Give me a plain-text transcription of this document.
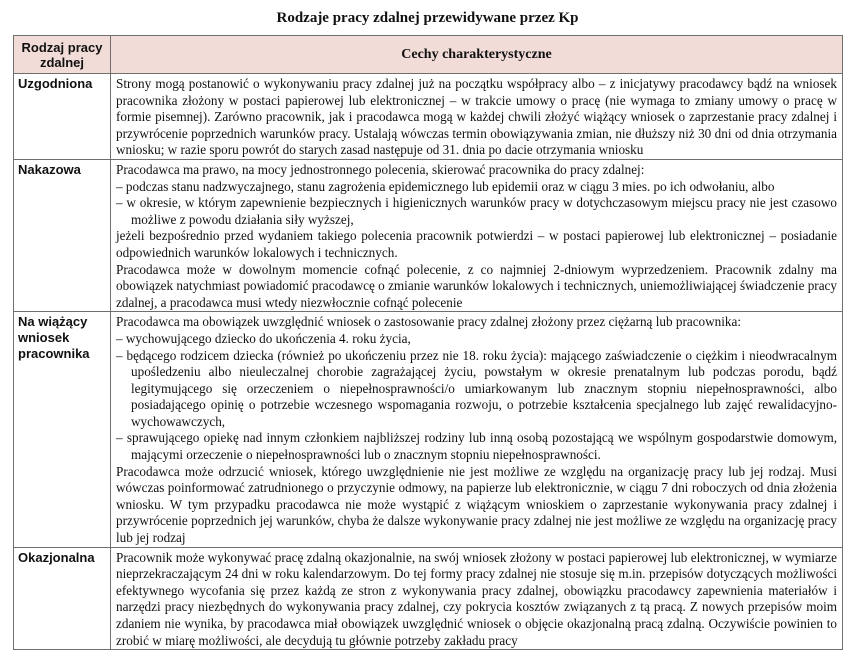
Rodzaje pracy zdalnej przewidywane przez Kp
Rodzaj pracy zdalnej	Cechy charakterystyczne
Uzgodniona	Strony mogą postanowić o wykonywaniu pracy zdalnej już na początku współpracy albo – z inicjatywy pracodawcy bądź na wniosek pracownika złożony w postaci papierowej lub elektronicznej – w trakcie umowy o pracę (nie wymaga to zmiany umowy o pracę w formie pisemnej). Zarówno pracownik, jak i pracodawca mogą w każdej chwili złożyć wiążący wniosek o zaprzestanie pracy zdalnej i przywrócenie poprzednich warunków pracy. Ustalają wówczas termin obowiązywania zmian, nie dłuższy niż 30 dni od dnia otrzymania wniosku; w razie sporu powrót do starych zasad następuje od 31. dnia po dacie otrzymania wniosku

Nakazowa	Pracodawca ma prawo, na mocy jednostronnego polecenia, skierować pracownika do pracy zdalnej:
– podczas stanu nadzwyczajnego, stanu zagrożenia epidemicznego lub epidemii oraz w ciągu 3 mies. po ich odwołaniu, albo
– w okresie, w którym zapewnienie bezpiecznych i higienicznych warunków pracy w dotychczasowym miejscu pracy nie jest czasowo możliwe z powodu działania siły wyższej,
jeżeli bezpośrednio przed wydaniem takiego polecenia pracownik potwierdzi – w postaci papierowej lub elektronicznej – posiadanie odpowiednich warunków lokalowych i technicznych.
Pracodawca może w dowolnym momencie cofnąć polecenie, z co najmniej 2-dniowym wyprzedzeniem. Pracownik zdalny ma obowiązek natychmiast powiadomić pracodawcę o zmianie warunków lokalowych i technicznych, uniemożliwiającej świadczenie pracy zdalnej, a pracodawca musi wtedy niezwłocznie cofnąć polecenie

Na wiążący wniosek pracownika	Pracodawca ma obowiązek uwzględnić wniosek o zastosowanie pracy zdalnej złożony przez ciężarną lub pracownika:
– wychowującego dziecko do ukończenia 4. roku życia,
– będącego rodzicem dziecka (również po ukończeniu przez nie 18. roku życia): mającego zaświadczenie o ciężkim i nieodwracalnym upośledzeniu albo nieuleczalnej chorobie zagrażającej życiu, powstałym w okresie prenatalnym lub podczas porodu, bądź legitymującego się orzeczeniem o niepełnosprawności/o umiarkowanym lub znacznym stopniu niepełnosprawności, albo posiadającego opinię o potrzebie wczesnego wspomagania rozwoju, o potrzebie kształcenia specjalnego lub zajęć rewalidacyjno-wychowawczych,
– sprawującego opiekę nad innym członkiem najbliższej rodziny lub inną osobą pozostającą we wspólnym gospodarstwie domowym, mającymi orzeczenie o niepełnosprawności lub o znacznym stopniu niepełnosprawności.
Pracodawca może odrzucić wniosek, którego uwzględnienie nie jest możliwe ze względu na organizację pracy lub jej rodzaj. Musi wówczas poinformować zatrudnionego o przyczynie odmowy, na papierze lub elektronicznie, w ciągu 7 dni roboczych od dnia złożenia wniosku. W tym przypadku pracodawca nie może wystąpić z wiążącym wnioskiem o zaprzestanie wykonywania pracy zdalnej i przywrócenie poprzednich jej warunków, chyba że dalsze wykonywanie pracy zdalnej nie jest możliwe ze względu na organizację pracy lub jej rodzaj

Okazjonalna	Pracownik może wykonywać pracę zdalną okazjonalnie, na swój wniosek złożony w postaci papierowej lub elektronicznej, w wymiarze nieprzekraczającym 24 dni w roku kalendarzowym. Do tej formy pracy zdalnej nie stosuje się m.in. przepisów dotyczących możliwości efektywnego wycofania się przez każdą ze stron z wykonywania pracy zdalnej, obowiązku pracodawcy zapewnienia materiałów i narzędzi pracy niezbędnych do wykonywania pracy zdalnej, czy pokrycia kosztów związanych z tą pracą. Z nowych przepisów moim zdaniem nie wynika, by pracodawca miał obowiązek uwzględnić wniosek o objęcie okazjonalną pracą zdalną. Oczywiście powinien to zrobić w miarę możliwości, ale decydują tu głównie potrzeby zakładu pracy
